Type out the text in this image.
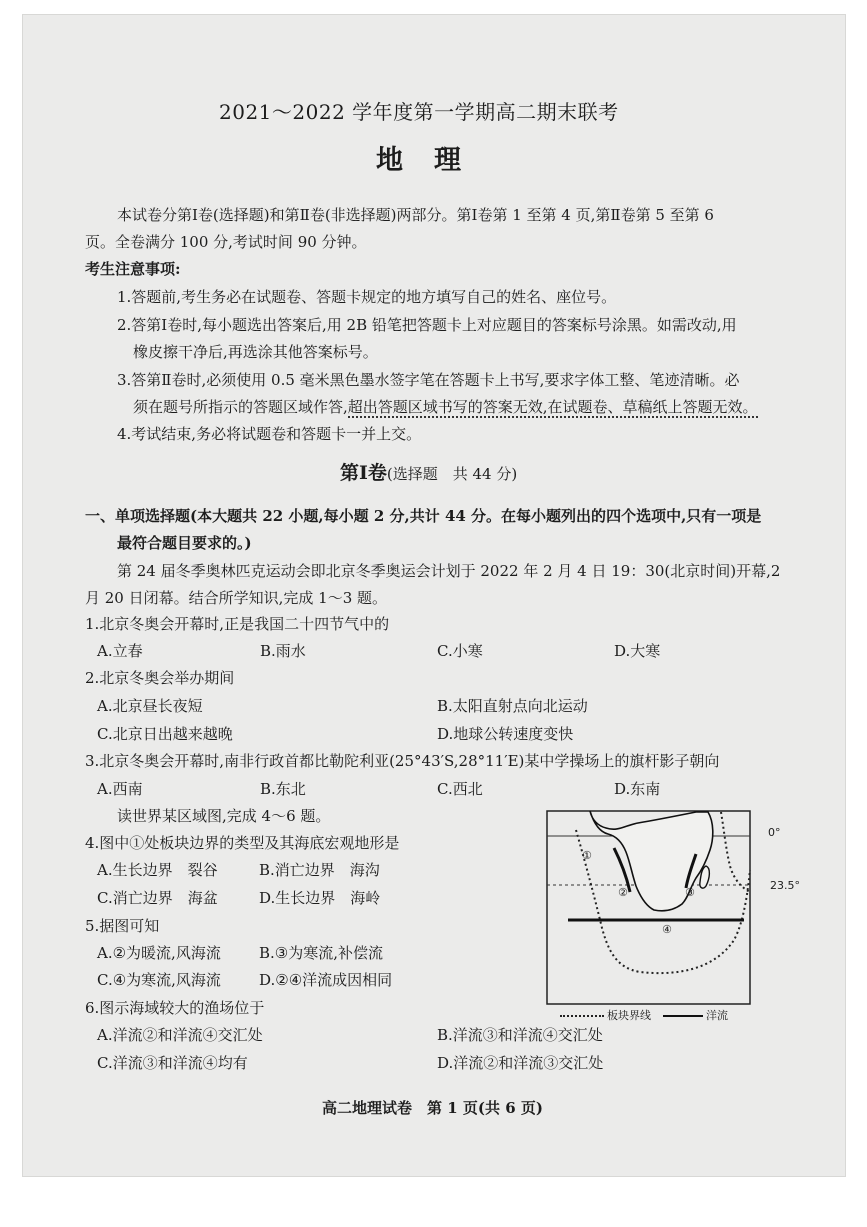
2021～2022 学年度第一学期高二期末联考
地　理
本试卷分第Ⅰ卷(选择题)和第Ⅱ卷(非选择题)两部分。第Ⅰ卷第 1 至第 4 页,第Ⅱ卷第 5 至第 6
页。全卷满分 100 分,考试时间 90 分钟。
考生注意事项:
1.答题前,考生务必在试题卷、答题卡规定的地方填写自己的姓名、座位号。
2.答第Ⅰ卷时,每小题选出答案后,用 2B 铅笔把答题卡上对应题目的答案标号涂黑。如需改动,用
橡皮擦干净后,再选涂其他答案标号。
3.答第Ⅱ卷时,必须使用 0.5 毫米黑色墨水签字笔在答题卡上书写,要求字体工整、笔迹清晰。必
须在题号所指示的答题区域作答,超出答题区域书写的答案无效,在试题卷、草稿纸上答题无效。
4.考试结束,务必将试题卷和答题卡一并上交。
第Ⅰ卷(选择题　共 44 分)
一、单项选择题(本大题共 22 小题,每小题 2 分,共计 44 分。在每小题列出的四个选项中,只有一项是
最符合题目要求的。)
第 24 届冬季奥林匹克运动会即北京冬季奥运会计划于 2022 年 2 月 4 日 19：30(北京时间)开幕,2
月 20 日闭幕。结合所学知识,完成 1～3 题。
1.北京冬奥会开幕时,正是我国二十四节气中的
A.立春	B.雨水	C.小寒	D.大寒
2.北京冬奥会举办期间
A.北京昼长夜短	B.太阳直射点向北运动
C.北京日出越来越晚	D.地球公转速度变快
3.北京冬奥会开幕时,南非行政首都比勒陀利亚(25°43′S,28°11′E)某中学操场上的旗杆影子朝向
A.西南	B.东北	C.西北	D.东南
读世界某区域图,完成 4～6 题。
4.图中①处板块边界的类型及其海底宏观地形是
A.生长边界　裂谷	B.消亡边界　海沟
C.消亡边界　海盆	D.生长边界　海岭
5.据图可知
A.②为暖流,风海流	B.③为寒流,补偿流
C.④为寒流,风海流	D.②④洋流成因相同
6.图示海域较大的渔场位于
A.洋流②和洋流④交汇处	B.洋流③和洋流④交汇处
C.洋流③和洋流④均有	D.洋流②和洋流③交汇处
①
②	③
④
0°
23.5°
板块界线	洋流
高二地理试卷　第 1 页(共 6 页)
